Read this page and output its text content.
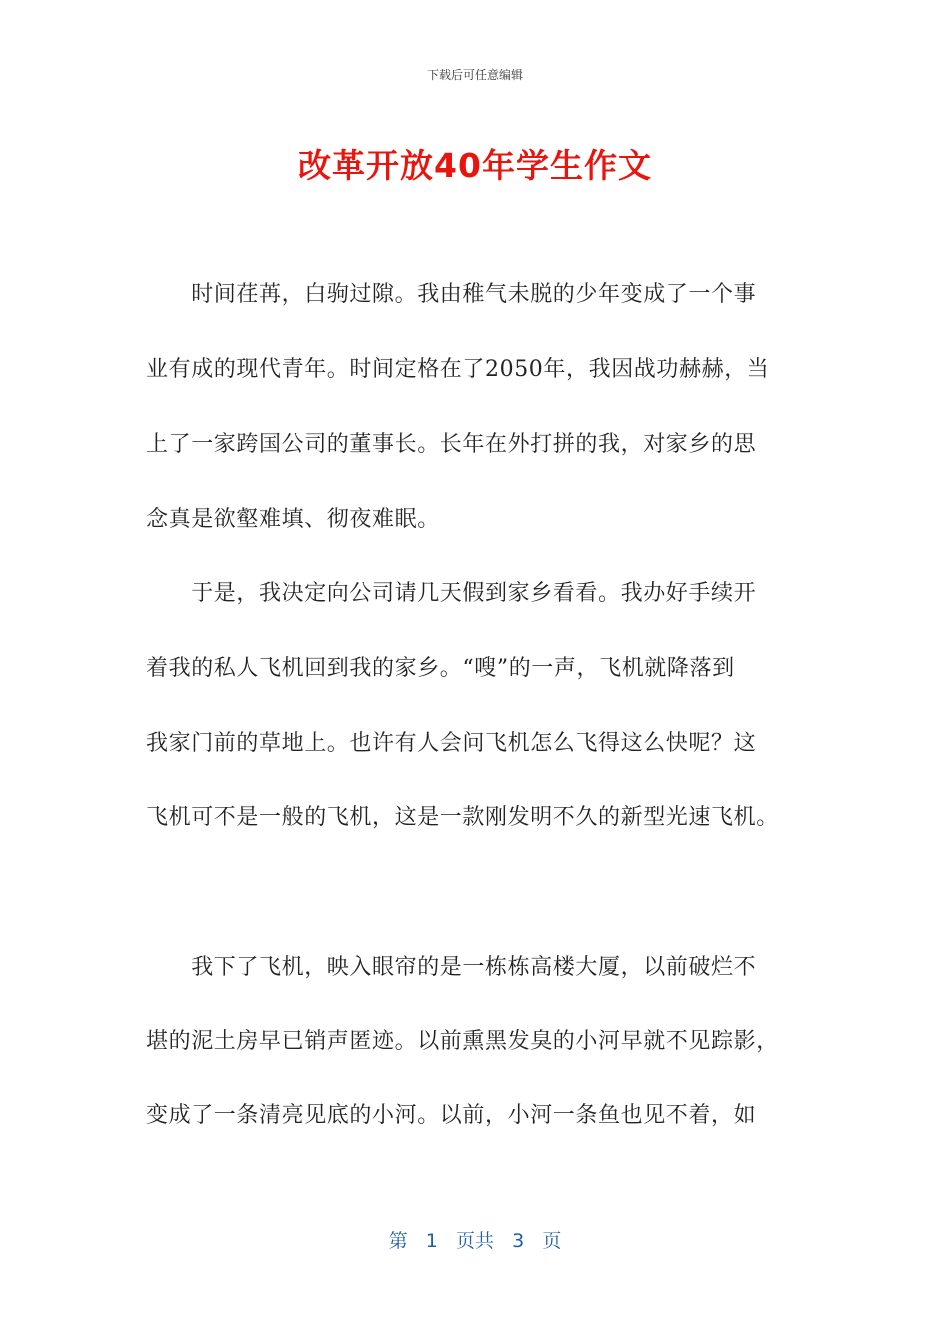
下载后可任意编辑
改革开放40年学生作文
　　时间荏苒，白驹过隙。我由稚气未脱的少年变成了一个事
业有成的现代青年。时间定格在了2050年，我因战功赫赫，当
上了一家跨国公司的董事长。长年在外打拼的我，对家乡的思
念真是欲壑难填、彻夜难眠。
　　于是，我决定向公司请几天假到家乡看看。我办好手续开
着我的私人飞机回到我的家乡。“嗖”的一声，飞机就降落到
我家门前的草地上。也许有人会问飞机怎么飞得这么快呢？这
飞机可不是一般的飞机，这是一款刚发明不久的新型光速飞机。
　　我下了飞机，映入眼帘的是一栋栋高楼大厦，以前破烂不
堪的泥土房早已销声匿迹。以前熏黑发臭的小河早就不见踪影，
变成了一条清亮见底的小河。以前，小河一条鱼也见不着，如
第 1 页共 3 页
